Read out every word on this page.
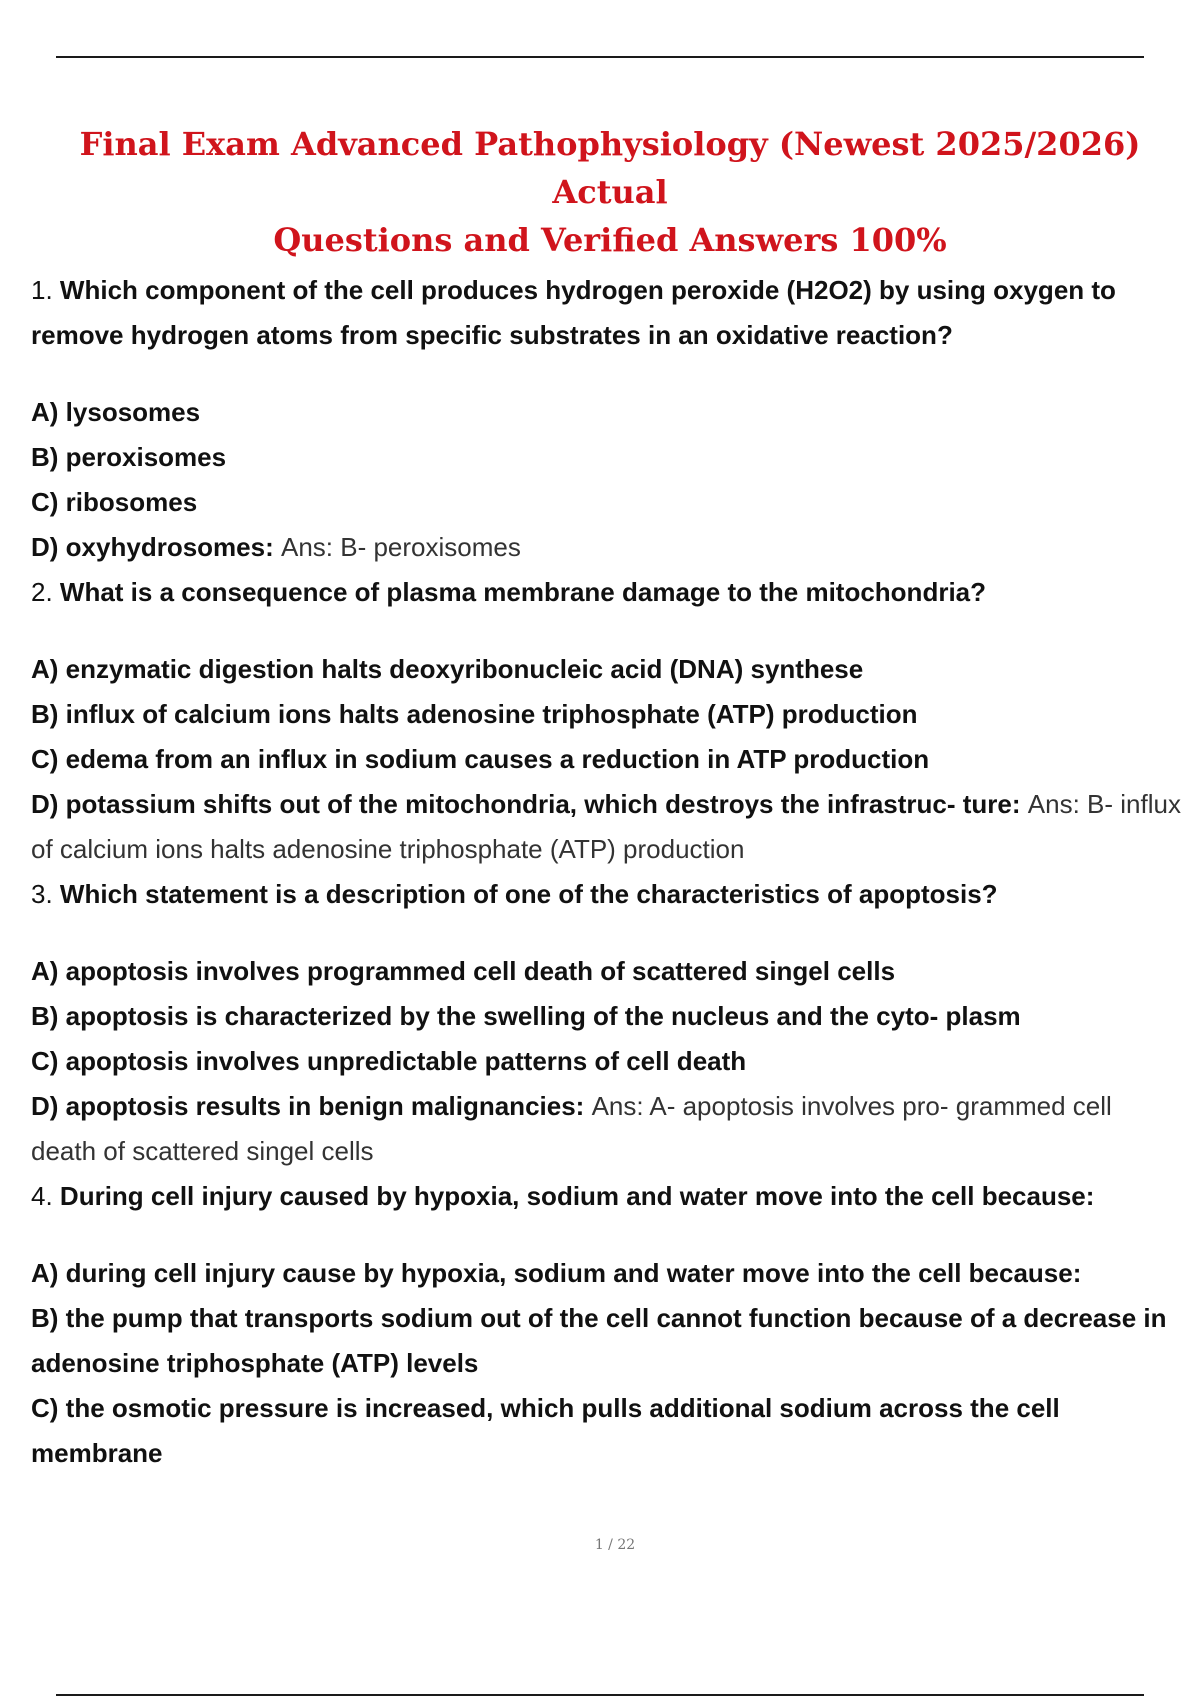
Final Exam Advanced Pathophysiology (Newest 2025/2026) Actual
Questions and Verified Answers 100%

1. Which component of the cell produces hydrogen peroxide (H2O2) by using oxygen to remove hydrogen atoms from specific substrates in an oxidative reaction?

A) lysosomes

B) peroxisomes

C) ribosomes

D) oxyhydrosomes: Ans: B- peroxisomes

2. What is a consequence of plasma membrane damage to the mitochondria?

A) enzymatic digestion halts deoxyribonucleic acid (DNA) synthese

B) influx of calcium ions halts adenosine triphosphate (ATP) production

C) edema from an influx in sodium causes a reduction in ATP production

D) potassium shifts out of the mitochondria, which destroys the infrastruc- ture: Ans: B- influx of calcium ions halts adenosine triphosphate (ATP) production

3. Which statement is a description of one of the characteristics of apoptosis?

A) apoptosis involves programmed cell death of scattered singel cells

B) apoptosis is characterized by the swelling of the nucleus and the cyto- plasm

C) apoptosis involves unpredictable patterns of cell death

D) apoptosis results in benign malignancies: Ans: A- apoptosis involves pro- grammed cell death of scattered singel cells

4. During cell injury caused by hypoxia, sodium and water move into the cell because:

A) during cell injury cause by hypoxia, sodium and water move into the cell because:

B) the pump that transports sodium out of the cell cannot function because of a decrease in adenosine triphosphate (ATP) levels

C) the osmotic pressure is increased, which pulls additional sodium across the cell membrane

1 / 22
